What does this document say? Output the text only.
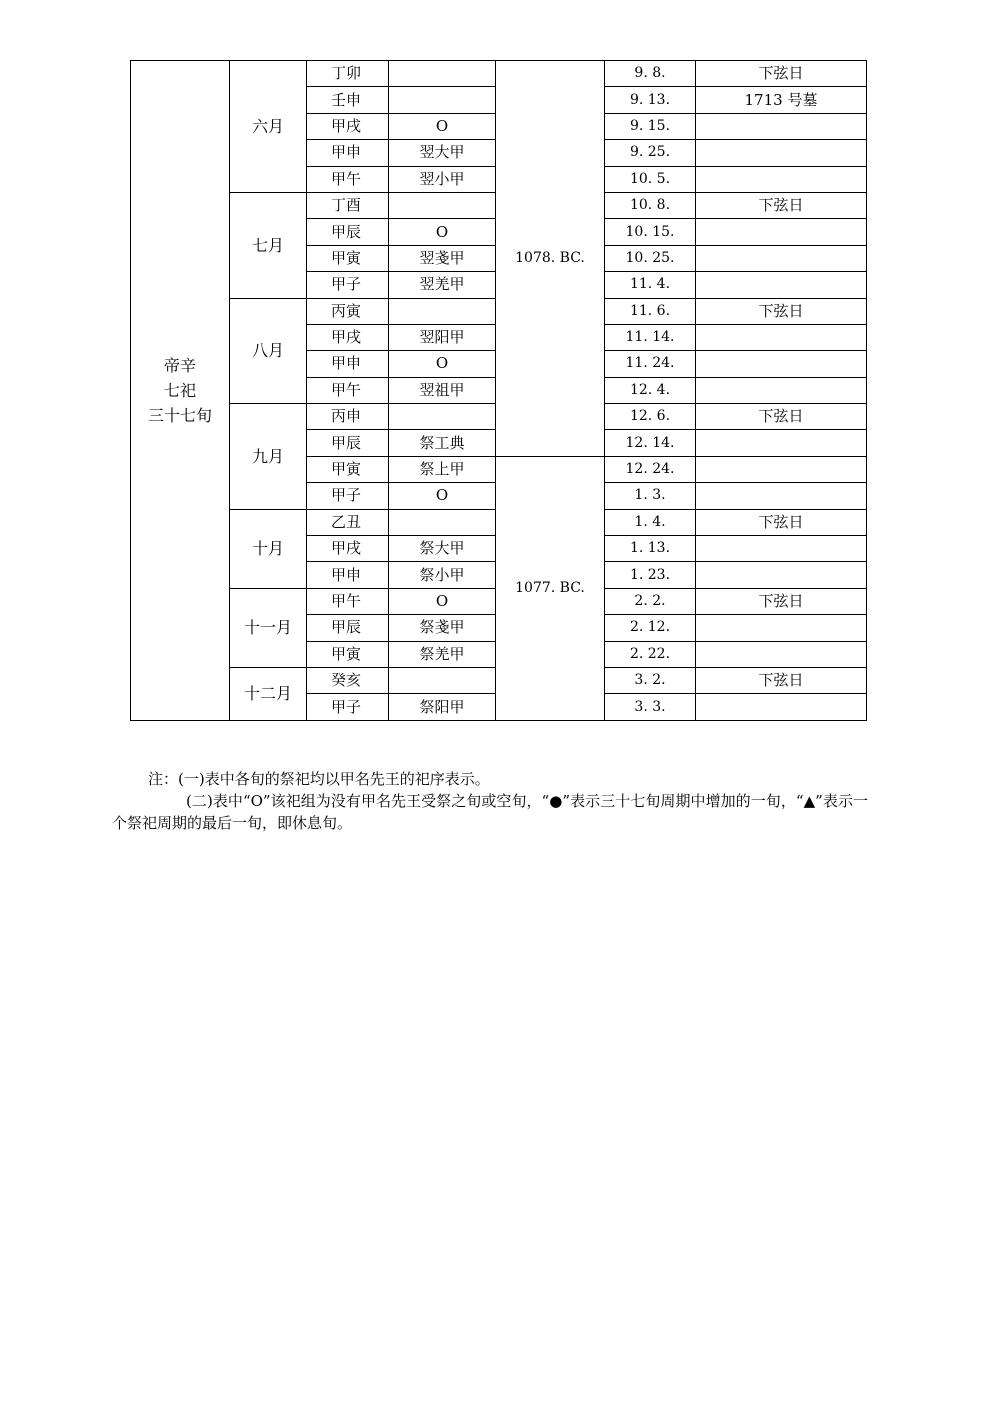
帝辛
七祀
三十七旬	六月	丁卯		1078. BC.	9. 8.	下弦日
		壬申			9. 13.	1713 号墓
		甲戌	O		9. 15.	
		甲申	翌大甲		9. 25.	
		甲午	翌小甲		10. 5.	
	七月	丁酉			10. 8.	下弦日
		甲辰	O		10. 15.	
		甲寅	翌戔甲		10. 25.	
		甲子	翌羌甲		11. 4.	
	八月	丙寅			11. 6.	下弦日
		甲戌	翌阳甲		11. 14.	
		甲申	O		11. 24.	
		甲午	翌祖甲		12. 4.	
	九月	丙申			12. 6.	下弦日
		甲辰	祭工典		12. 14.	
		甲寅	祭上甲	1077. BC.	12. 24.	
		甲子	O		1. 3.	
	十月	乙丑			1. 4.	下弦日
		甲戌	祭大甲		1. 13.	
		甲申	祭小甲		1. 23.	
	十一月	甲午	O		2. 2.	下弦日
		甲辰	祭戔甲		2. 12.	
		甲寅	祭羌甲		2. 22.	
	十二月	癸亥			3. 2.	下弦日
		甲子	祭阳甲		3. 3.	

注：(一)表中各旬的祭祀均以甲名先王的祀序表示。

(二)表中“O”该祀组为没有甲名先王受祭之旬或空旬，“●”表示三十七旬周期中增加的一旬，“▲”表示一个祭祀周期的最后一旬，即休息旬。
